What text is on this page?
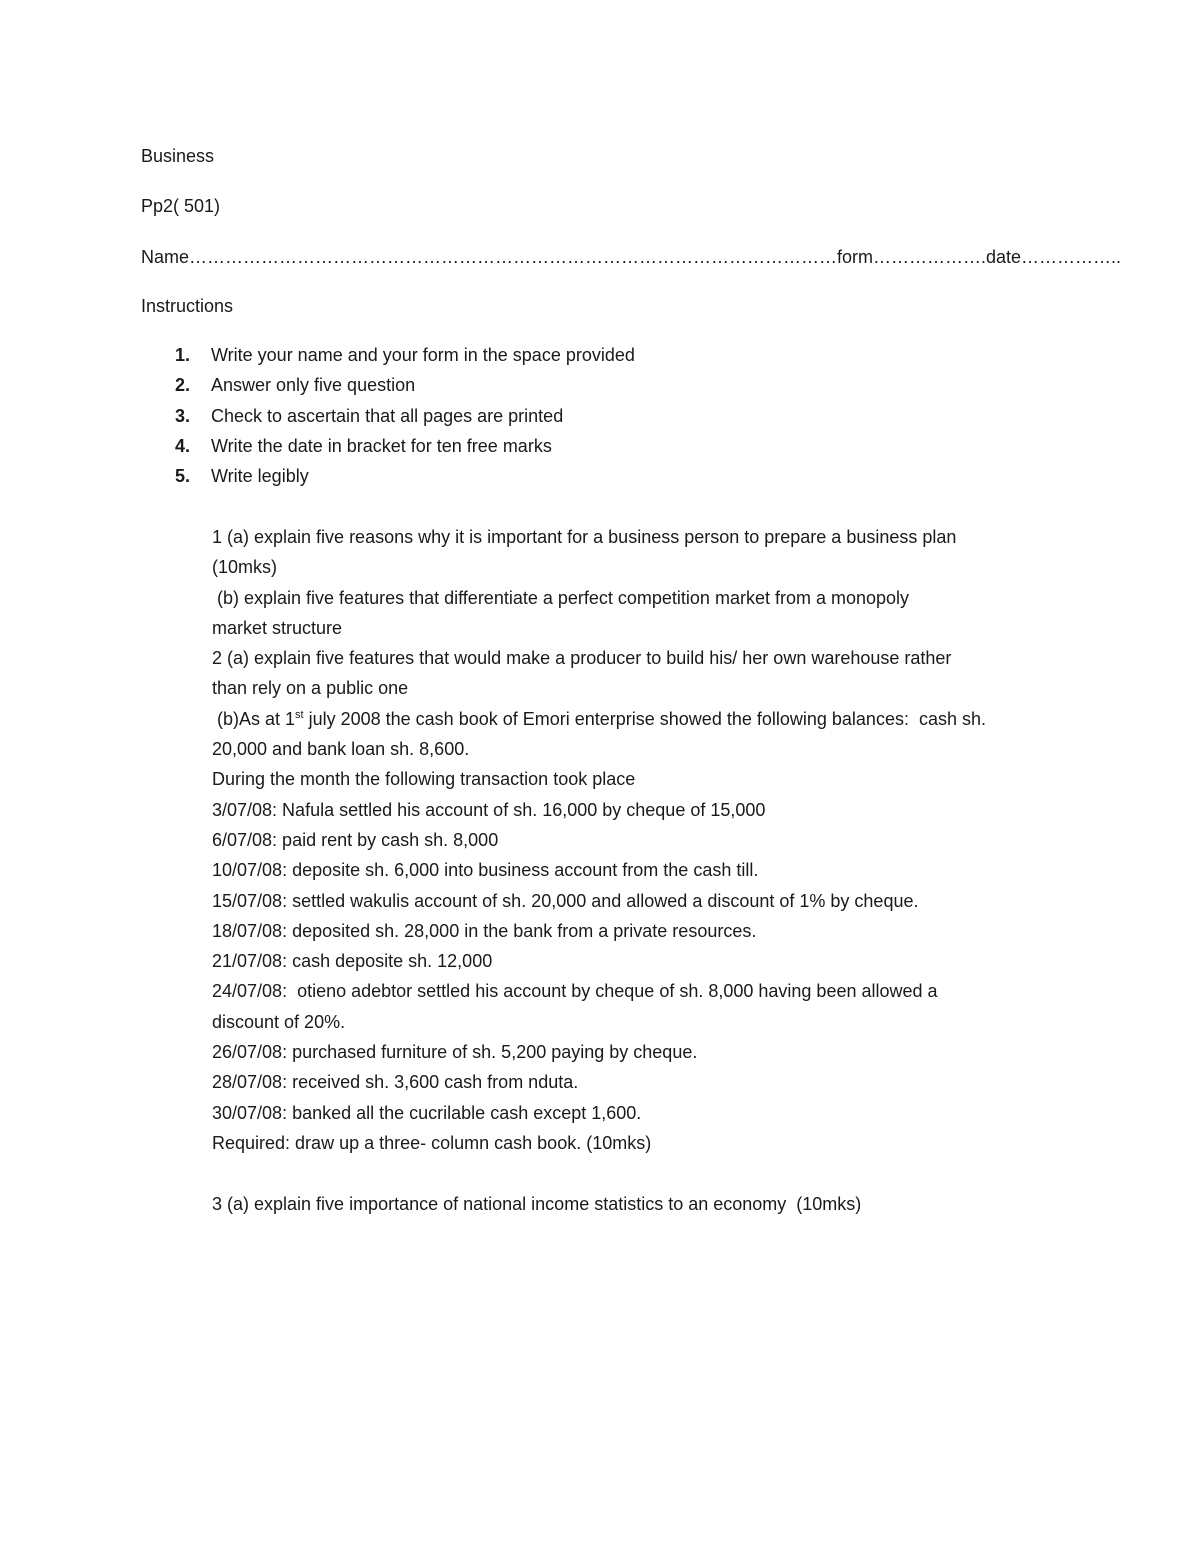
Business
Pp2( 501)
Name………………………………………………………………………………………………form……………….date……………..
Instructions
1. Write your name and your form in the space provided
2. Answer only five question
3. Check to ascertain that all pages are printed
4. Write the date in bracket for ten free marks
5. Write legibly
1 (a) explain five reasons why it is important for a business person to prepare a business plan
(10mks)
(b) explain five features that differentiate a perfect competition market from a monopoly
market structure
2 (a) explain five features that would make a producer to build his/ her own warehouse rather
than rely on a public one
(b)As at 1st july 2008 the cash book of Emori enterprise showed the following balances:  cash sh.
20,000 and bank loan sh. 8,600.
During the month the following transaction took place
3/07/08: Nafula settled his account of sh. 16,000 by cheque of 15,000
6/07/08: paid rent by cash sh. 8,000
10/07/08: deposite sh. 6,000 into business account from the cash till.
15/07/08: settled wakulis account of sh. 20,000 and allowed a discount of 1% by cheque.
18/07/08: deposited sh. 28,000 in the bank from a private resources.
21/07/08: cash deposite sh. 12,000
24/07/08:  otieno adebtor settled his account by cheque of sh. 8,000 having been allowed a
discount of 20%.
26/07/08: purchased furniture of sh. 5,200 paying by cheque.
28/07/08: received sh. 3,600 cash from nduta.
30/07/08: banked all the cucrilable cash except 1,600.
Required: draw up a three- column cash book. (10mks)
3 (a) explain five importance of national income statistics to an economy  (10mks)
